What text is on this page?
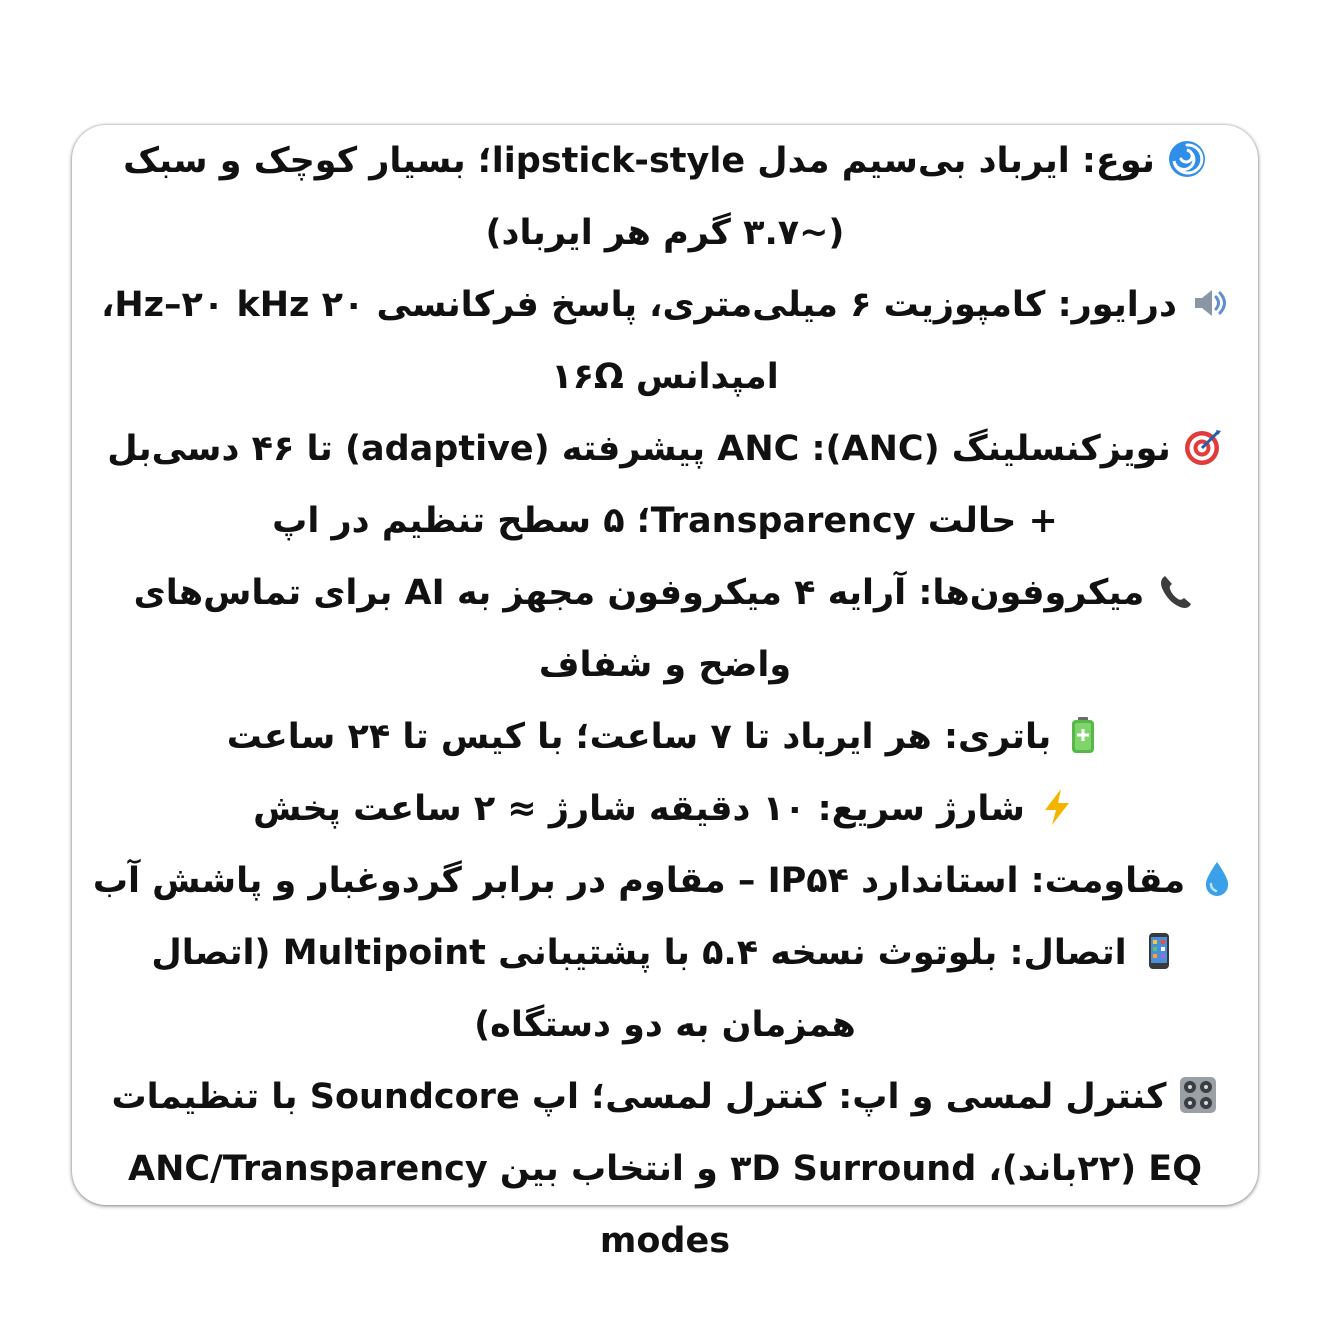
نوع: ایرباد بی‌سیم مدل lipstick-style؛ بسیار کوچک و سبک (~۳.۷ گرم هر ایرباد)
درایور: کامپوزیت ۶ میلی‌متری، پاسخ فرکانسی ۲۰ Hz–۲۰ kHz، امپدانس ۱۶Ω
نویزکنسلینگ (ANC): ANC پیشرفته (adaptive) تا ۴۶ دسی‌بل + حالت Transparency؛ ۵ سطح تنظیم در اپ
میکروفون‌ها: آرایه ۴ میکروفون مجهز به AI برای تماس‌های واضح و شفاف
باتری: هر ایرباد تا ۷ ساعت؛ با کیس تا ۲۴ ساعت
شارژ سریع: ۱۰ دقیقه شارژ ≈ ۲ ساعت پخش
مقاومت: استاندارد IP۵۴ – مقاوم در برابر گردوغبار و پاشش آب
اتصال: بلوتوث نسخه ۵.۴ با پشتیبانی Multipoint (اتصال همزمان به دو دستگاه)
کنترل لمسی و اپ: کنترل لمسی؛ اپ Soundcore با تنظیمات EQ (۲۲باند)، ۳D Surround و انتخاب بین ANC/Transparency modes
